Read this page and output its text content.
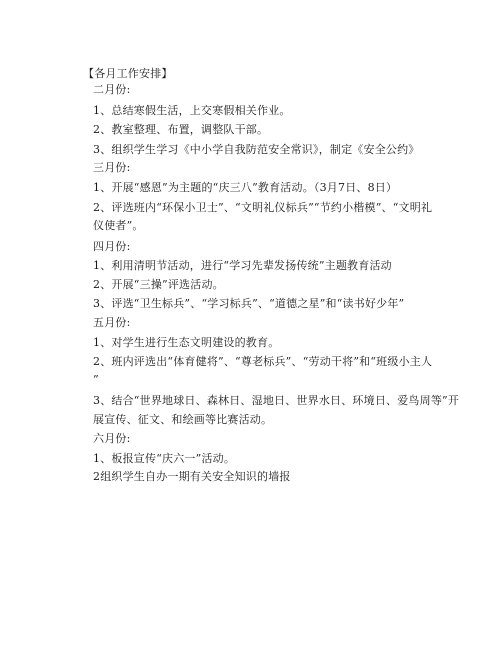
【各月工作安排】
二月份:
1、总结寒假生活，上交寒假相关作业。
2、教室整理、布置，调整队干部。
3、组织学生学习《中小学自我防范安全常识》，制定《安全公约》
三月份:
1、开展“感恩”为主题的“庆三八”教育活动。（3月7日、8日）
2、评选班内“环保小卫士”、“文明礼仪标兵”“节约小楷模”、“文明礼
仪使者”。
四月份:
1、利用清明节活动，进行“学习先辈发扬传统”主题教育活动
2、开展“三操”评选活动。
3、评选“卫生标兵”、“学习标兵”、“道德之星”和“读书好少年”
五月份:
1、对学生进行生态文明建设的教育。
2、班内评选出“体育健将”、“尊老标兵”、“劳动干将”和“班级小主人
”
3、结合“世界地球日、森林日、湿地日、世界水日、环境日、爱鸟周等”开
展宣传、征文、和绘画等比赛活动。
六月份:
1、板报宣传“庆六一”活动。
2组织学生自办一期有关安全知识的墙报
